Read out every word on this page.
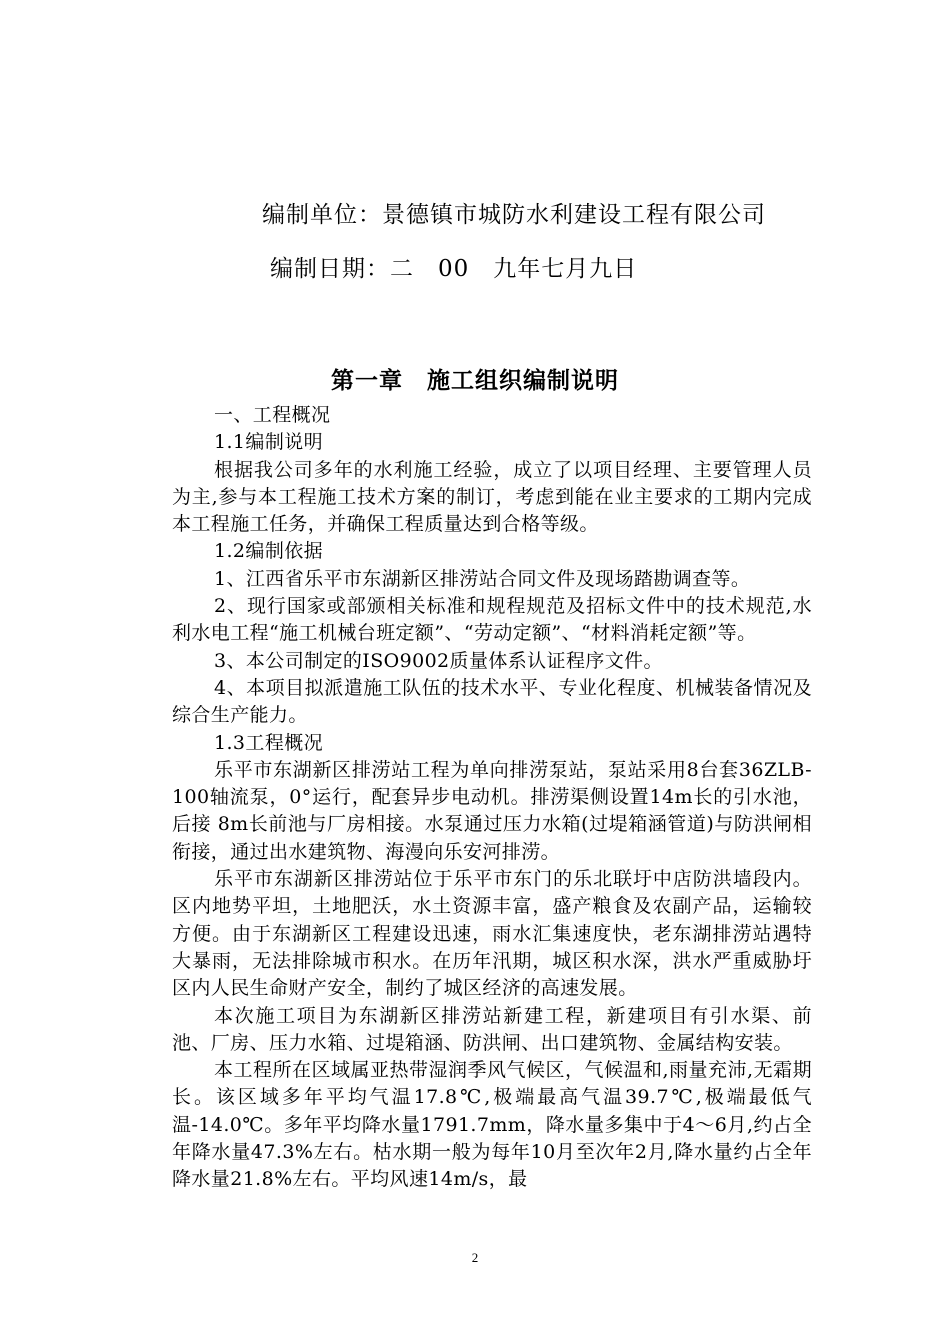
编制单位：景德镇市城防水利建设工程有限公司
编制日期：二　00　九年七月九日
第一章　施工组织编制说明

一、工程概况

1.1编制说明

根据我公司多年的水利施工经验，成立了以项目经理、主要管理人员为主,参与本工程施工技术方案的制订，考虑到能在业主要求的工期内完成本工程施工任务，并确保工程质量达到合格等级。

1.2编制依据

1、江西省乐平市东湖新区排涝站合同文件及现场踏勘调查等。

2、现行国家或部颁相关标准和规程规范及招标文件中的技术规范,水利水电工程“施工机械台班定额”、“劳动定额”、“材料消耗定额”等。

3、本公司制定的ISO9002质量体系认证程序文件。

4、本项目拟派遣施工队伍的技术水平、专业化程度、机械装备情况及综合生产能力。

1.3工程概况

乐平市东湖新区排涝站工程为单向排涝泵站，泵站采用8台套36ZLB-100轴流泵，0°运行，配套异步电动机。排涝渠侧设置14m长的引水池，后接 8m长前池与厂房相接。水泵通过压力水箱(过堤箱涵管道)与防洪闸相衔接，通过出水建筑物、海漫向乐安河排涝。

乐平市东湖新区排涝站位于乐平市东门的乐北联圩中店防洪墙段内。区内地势平坦，土地肥沃，水土资源丰富，盛产粮食及农副产品，运输较方便。由于东湖新区工程建设迅速，雨水汇集速度快，老东湖排涝站遇特大暴雨，无法排除城市积水。在历年汛期，城区积水深，洪水严重威胁圩区内人民生命财产安全，制约了城区经济的高速发展。

本次施工项目为东湖新区排涝站新建工程，新建项目有引水渠、前池、厂房、压力水箱、过堤箱涵、防洪闸、出口建筑物、金属结构安装。

本工程所在区域属亚热带湿润季风气候区，气候温和,雨量充沛,无霜期长。该区域多年平均气温17.8℃,极端最高气温39.7℃,极端最低气温-14.0℃。多年平均降水量1791.7mm，降水量多集中于4～6月,约占全年降水量47.3%左右。枯水期一般为每年10月至次年2月,降水量约占全年降水量21.8%左右。平均风速14m/s，最

2
